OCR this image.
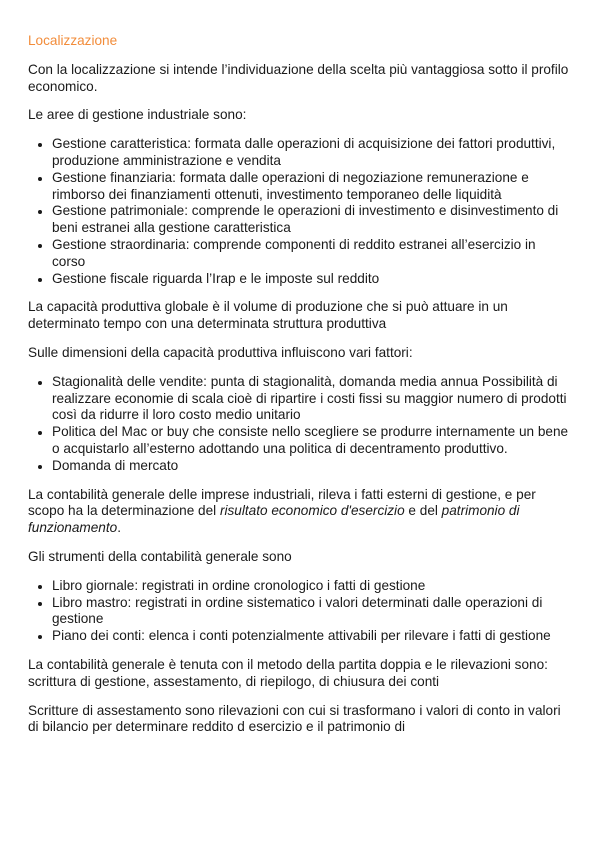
Localizzazione

Con la localizzazione si intende l’individuazione della scelta più vantaggiosa sotto il profilo economico.

Le aree di gestione industriale sono:

• Gestione caratteristica: formata dalle operazioni di acquisizione dei fattori produttivi, produzione amministrazione e vendita
• Gestione finanziaria: formata dalle operazioni di negoziazione remunerazione e rimborso dei finanziamenti ottenuti, investimento temporaneo delle liquidità
• Gestione patrimoniale: comprende le operazioni di investimento e disinvestimento di beni estranei alla gestione caratteristica
• Gestione straordinaria: comprende componenti di reddito estranei all’esercizio in corso
• Gestione fiscale riguarda l’Irap e le imposte sul reddito

La capacità produttiva globale è il volume di produzione che si può attuare in un determinato tempo con una determinata struttura produttiva

Sulle dimensioni della capacità produttiva influiscono vari fattori:

• Stagionalità delle vendite: punta di stagionalità, domanda media annua Possibilità di realizzare economie di scala cioè di ripartire i costi fissi su maggior numero di prodotti così da ridurre il loro costo medio unitario
• Politica del Mac or buy che consiste nello scegliere se produrre internamente un bene o acquistarlo all’esterno adottando una politica di decentramento produttivo.
• Domanda di mercato

La contabilità generale delle imprese industriali, rileva i fatti esterni di gestione, e per scopo ha la determinazione del risultato economico d'esercizio e del patrimonio di funzionamento.

Gli strumenti della contabilità generale sono

• Libro giornale: registrati in ordine cronologico i fatti di gestione
• Libro mastro: registrati in ordine sistematico i valori determinati dalle operazioni di gestione
• Piano dei conti: elenca i conti potenzialmente attivabili per rilevare i fatti di gestione

La contabilità generale è tenuta con il metodo della partita doppia e le rilevazioni sono: scrittura di gestione, assestamento, di riepilogo, di chiusura dei conti

Scritture di assestamento sono rilevazioni con cui si trasformano i valori di conto in valori di bilancio per determinare reddito d esercizio e il patrimonio di
